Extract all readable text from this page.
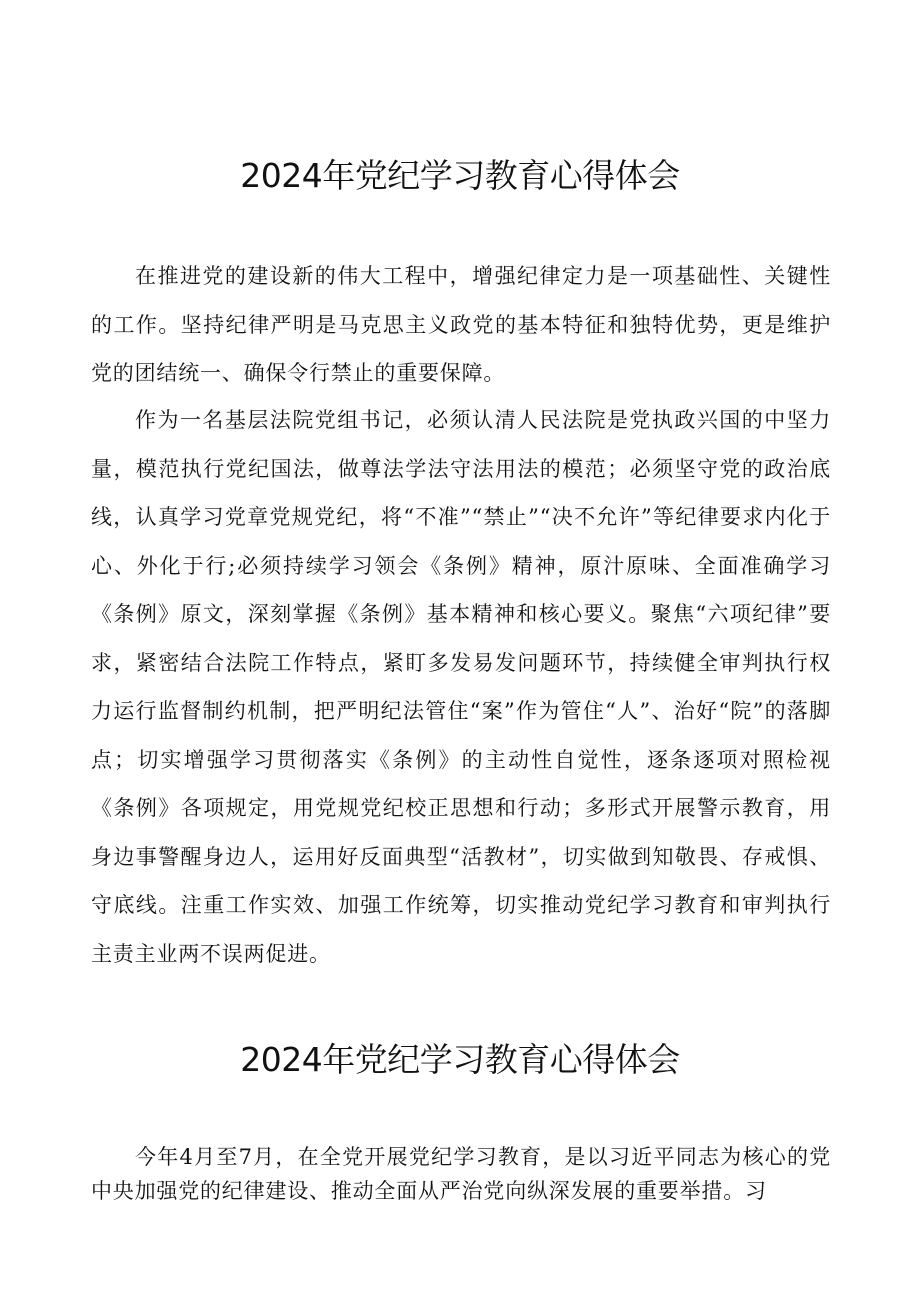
2024年党纪学习教育心得体会

在推进党的建设新的伟大工程中，增强纪律定力是一项基础性、关键性的工作。坚持纪律严明是马克思主义政党的基本特征和独特优势，更是维护党的团结统一、确保令行禁止的重要保障。

作为一名基层法院党组书记，必须认清人民法院是党执政兴国的中坚力量，模范执行党纪国法，做尊法学法守法用法的模范；必须坚守党的政治底线，认真学习党章党规党纪，将“不准”“禁止”“决不允许”等纪律要求内化于心、外化于行;必须持续学习领会《条例》精神，原汁原味、全面准确学习《条例》原文，深刻掌握《条例》基本精神和核心要义。聚焦“六项纪律”要求，紧密结合法院工作特点，紧盯多发易发问题环节，持续健全审判执行权力运行监督制约机制，把严明纪法管住“案”作为管住“人”、治好“院”的落脚点；切实增强学习贯彻落实《条例》的主动性自觉性，逐条逐项对照检视《条例》各项规定，用党规党纪校正思想和行动；多形式开展警示教育，用身边事警醒身边人，运用好反面典型“活教材”，切实做到知敬畏、存戒惧、守底线。注重工作实效、加强工作统筹，切实推动党纪学习教育和审判执行主责主业两不误两促进。

2024年党纪学习教育心得体会

今年4月至7月，在全党开展党纪学习教育，是以习近平同志为核心的党中央加强党的纪律建设、推动全面从严治党向纵深发展的重要举措。习
